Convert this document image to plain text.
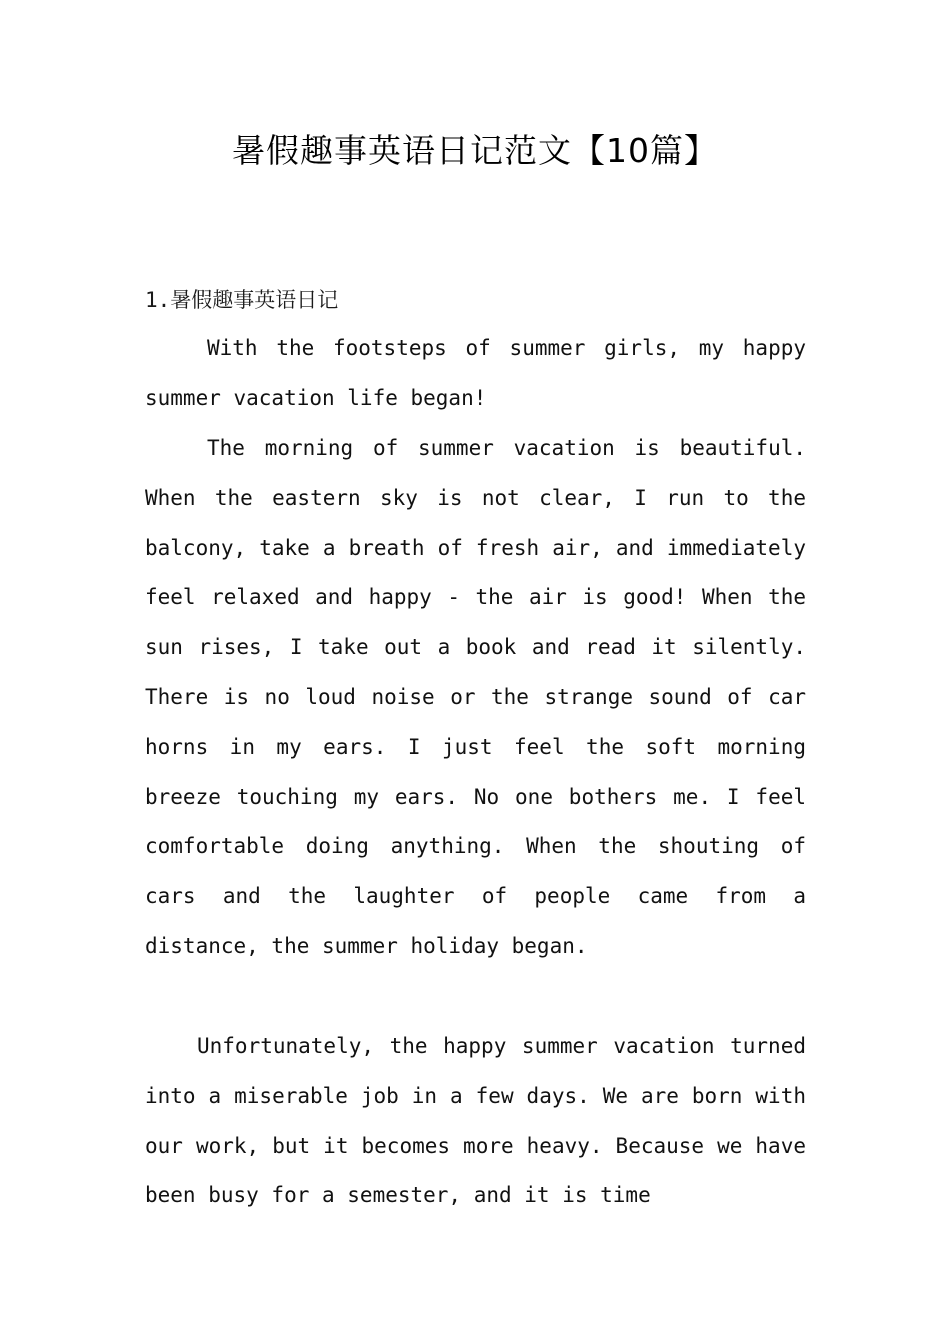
暑假趣事英语日记范文【10篇】
1.暑假趣事英语日记

With the footsteps of summer girls, my happy summer vacation life began!

The morning of summer vacation is beautiful. When the eastern sky is not clear, I run to the balcony, take a breath of fresh air, and immediately feel relaxed and happy - the air is good! When the sun rises, I take out a book and read it silently. There is no loud noise or the strange sound of car horns in my ears. I just feel the soft morning breeze touching my ears. No one bothers me. I feel comfortable doing anything. When the shouting of cars and the laughter of people came from a distance, the summer holiday began.

Unfortunately, the happy summer vacation turned into a miserable job in a few days. We are born with our work, but it becomes more heavy. Because we have been busy for a semester, and it is time
